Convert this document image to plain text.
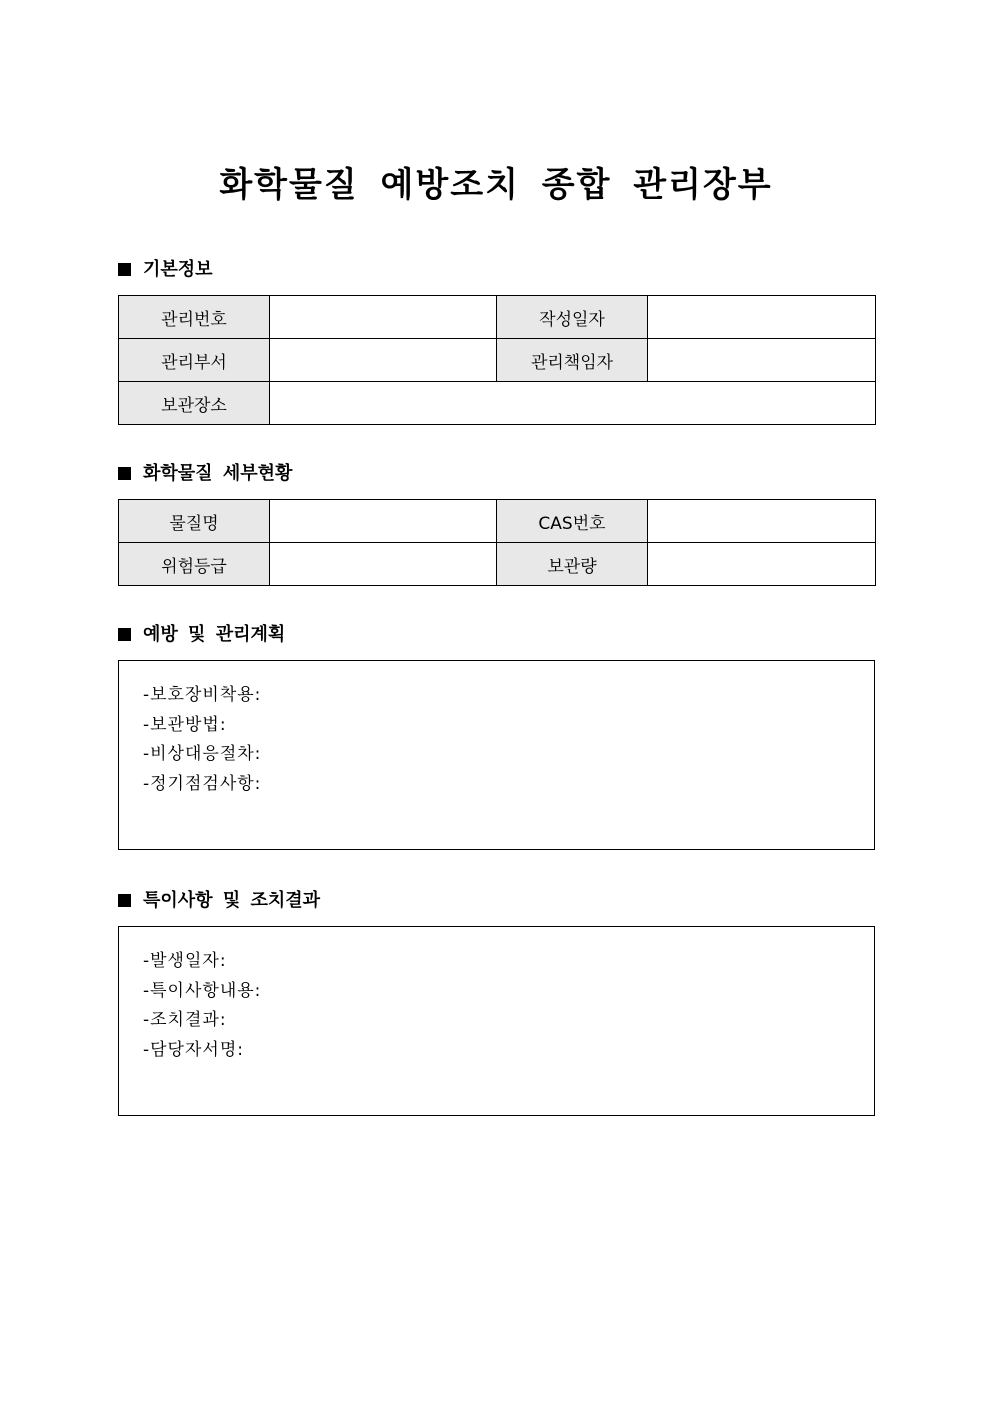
화학물질 예방조치 종합 관리장부
기본정보
관리번호		작성일자	
관리부서		관리책임자	
보관장소			
화학물질 세부현황
물질명		CAS번호	
위험등급		보관량	
예방 및 관리계획
-보호장비착용:
-보관방법:
-비상대응절차:
-정기점검사항:
특이사항 및 조치결과
-발생일자:
-특이사항내용:
-조치결과:
-담당자서명:
